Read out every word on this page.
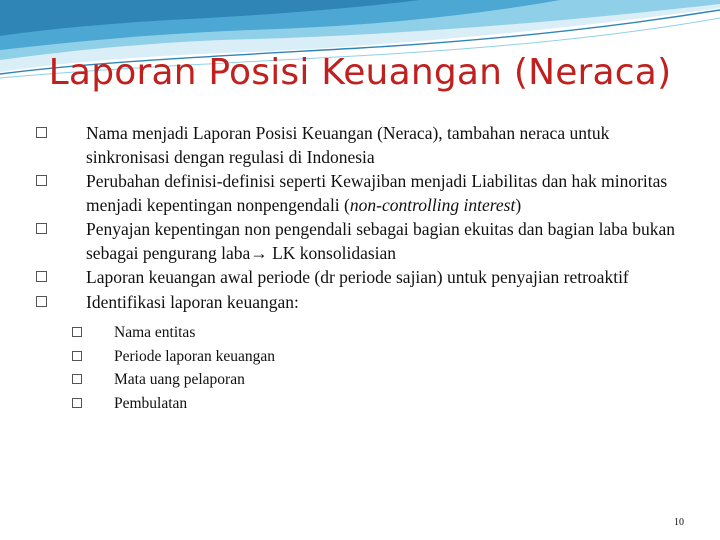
Laporan Posisi Keuangan (Neraca)
Nama menjadi Laporan Posisi Keuangan (Neraca), tambahan neraca untuk sinkronisasi dengan regulasi di Indonesia
Perubahan definisi-definisi seperti Kewajiban menjadi Liabilitas dan hak minoritas menjadi kepentingan nonpengendali (non-controlling interest)
Penyajan kepentingan non pengendali sebagai bagian ekuitas dan bagian laba bukan sebagai pengurang laba→ LK konsolidasian
Laporan keuangan awal periode (dr periode sajian) untuk penyajian retroaktif
Identifikasi laporan keuangan:
Nama entitas
Periode laporan keuangan
Mata uang pelaporan
Pembulatan
10
